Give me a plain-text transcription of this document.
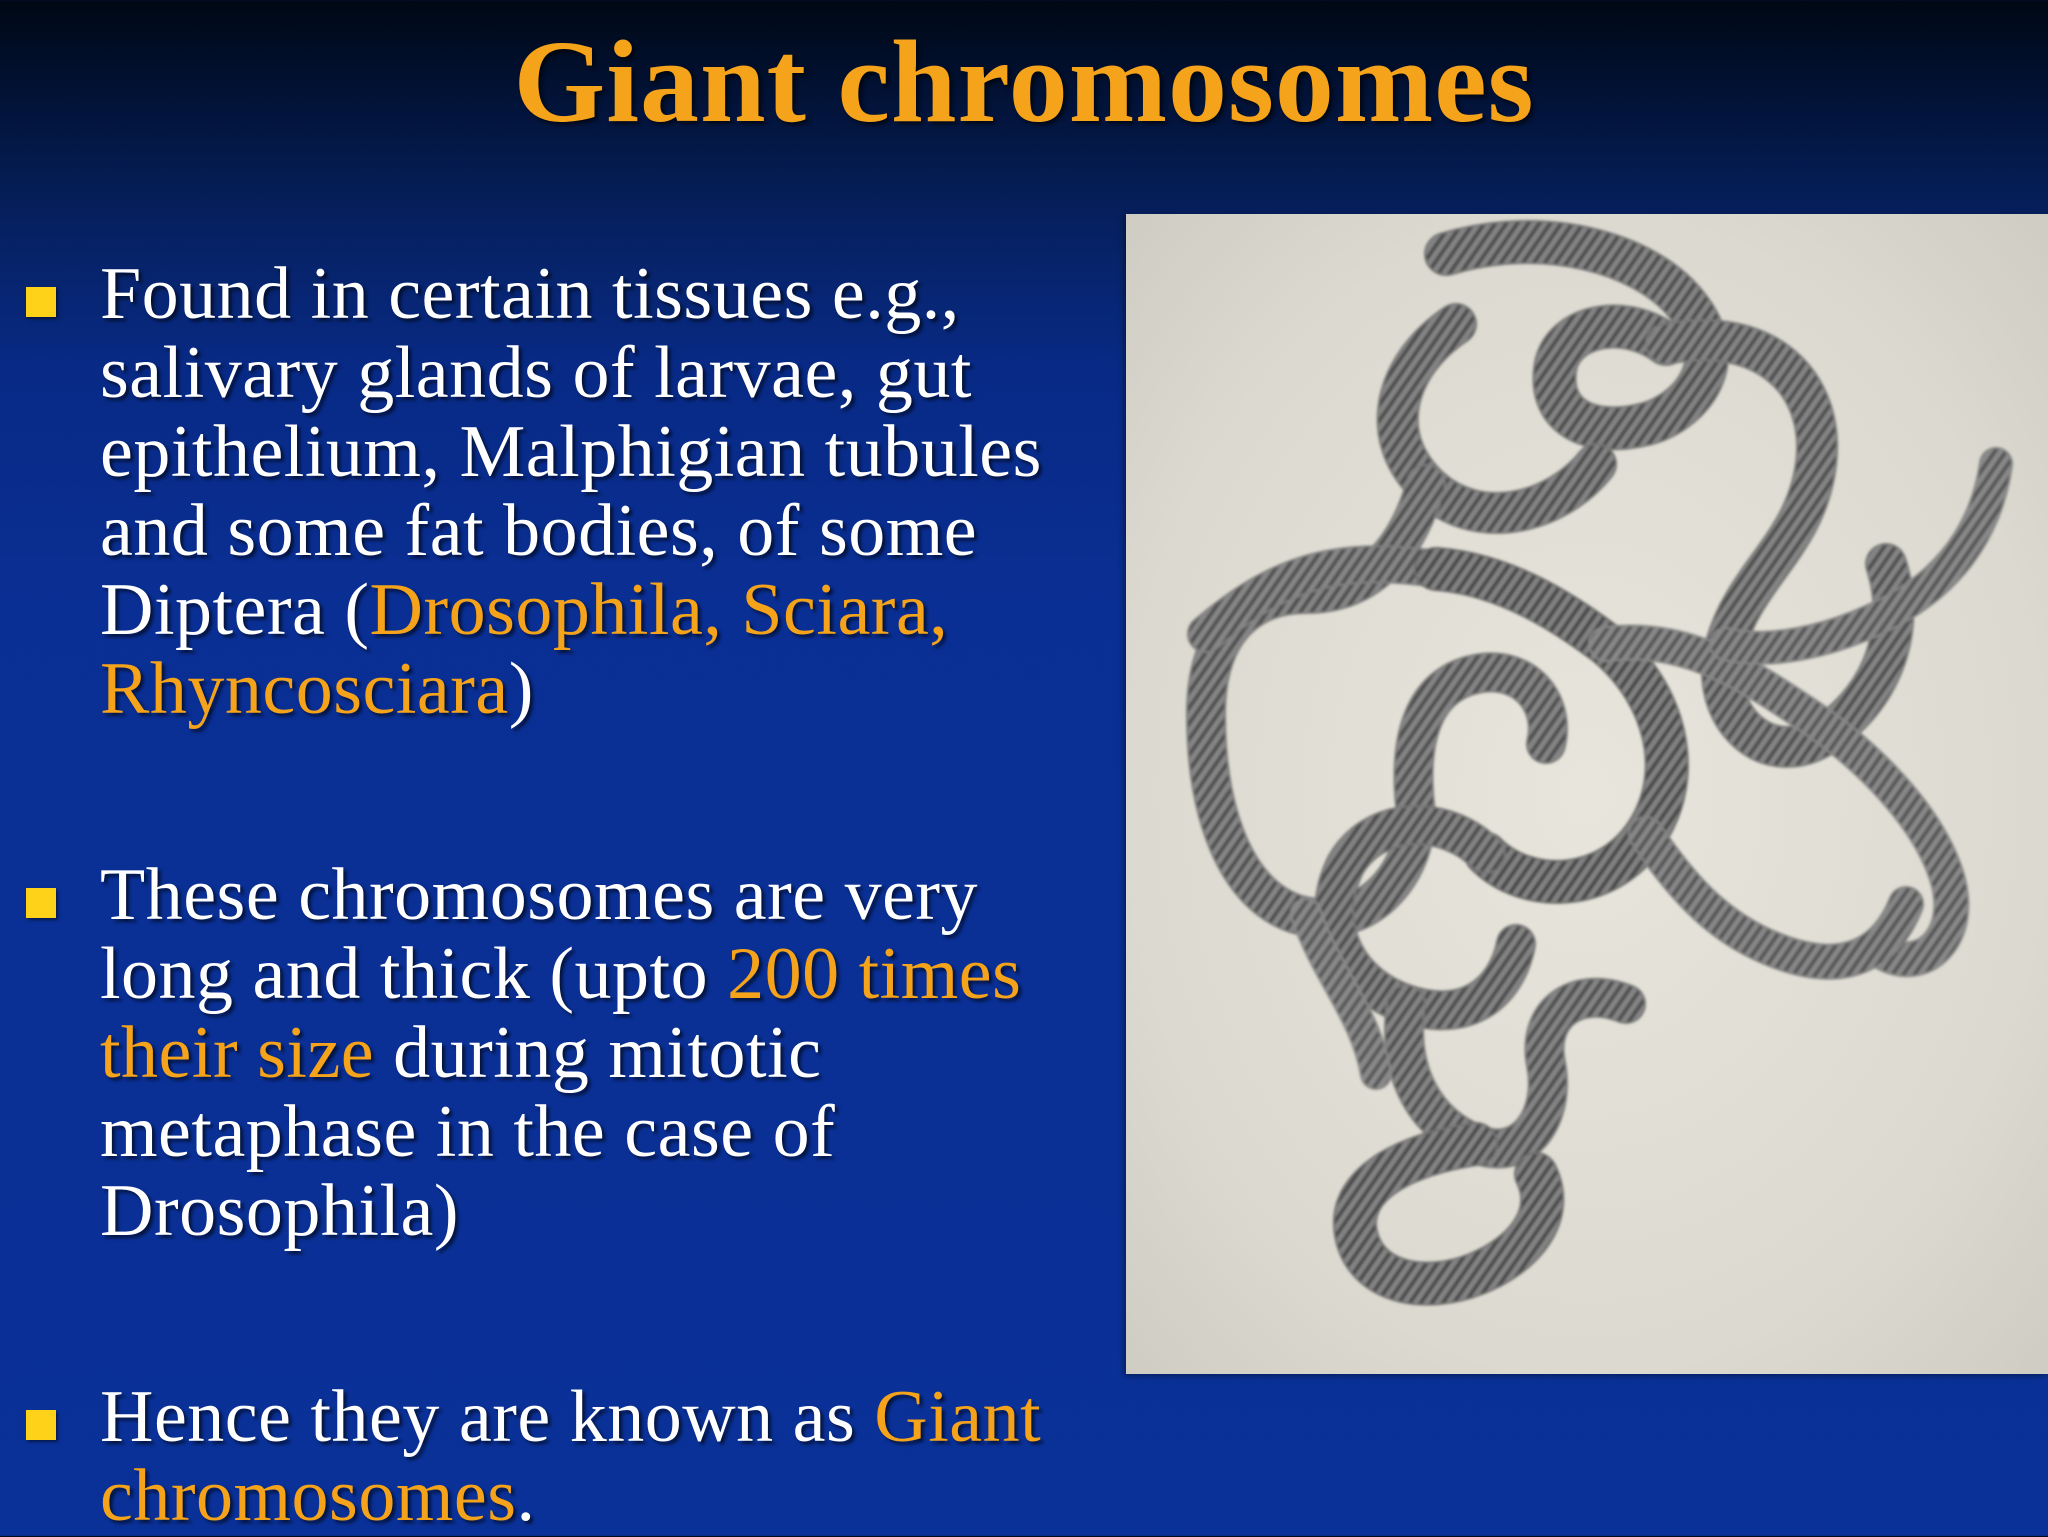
Giant chromosomes
Found in certain tissues e.g., salivary glands of larvae, gut epithelium, Malphigian tubules and some fat bodies, of some Diptera (Drosophila, Sciara, Rhyncosciara)
These chromosomes are very long and thick (upto 200 times their size during mitotic metaphase in the case of Drosophila)
Hence they are known as Giant chromosomes.
